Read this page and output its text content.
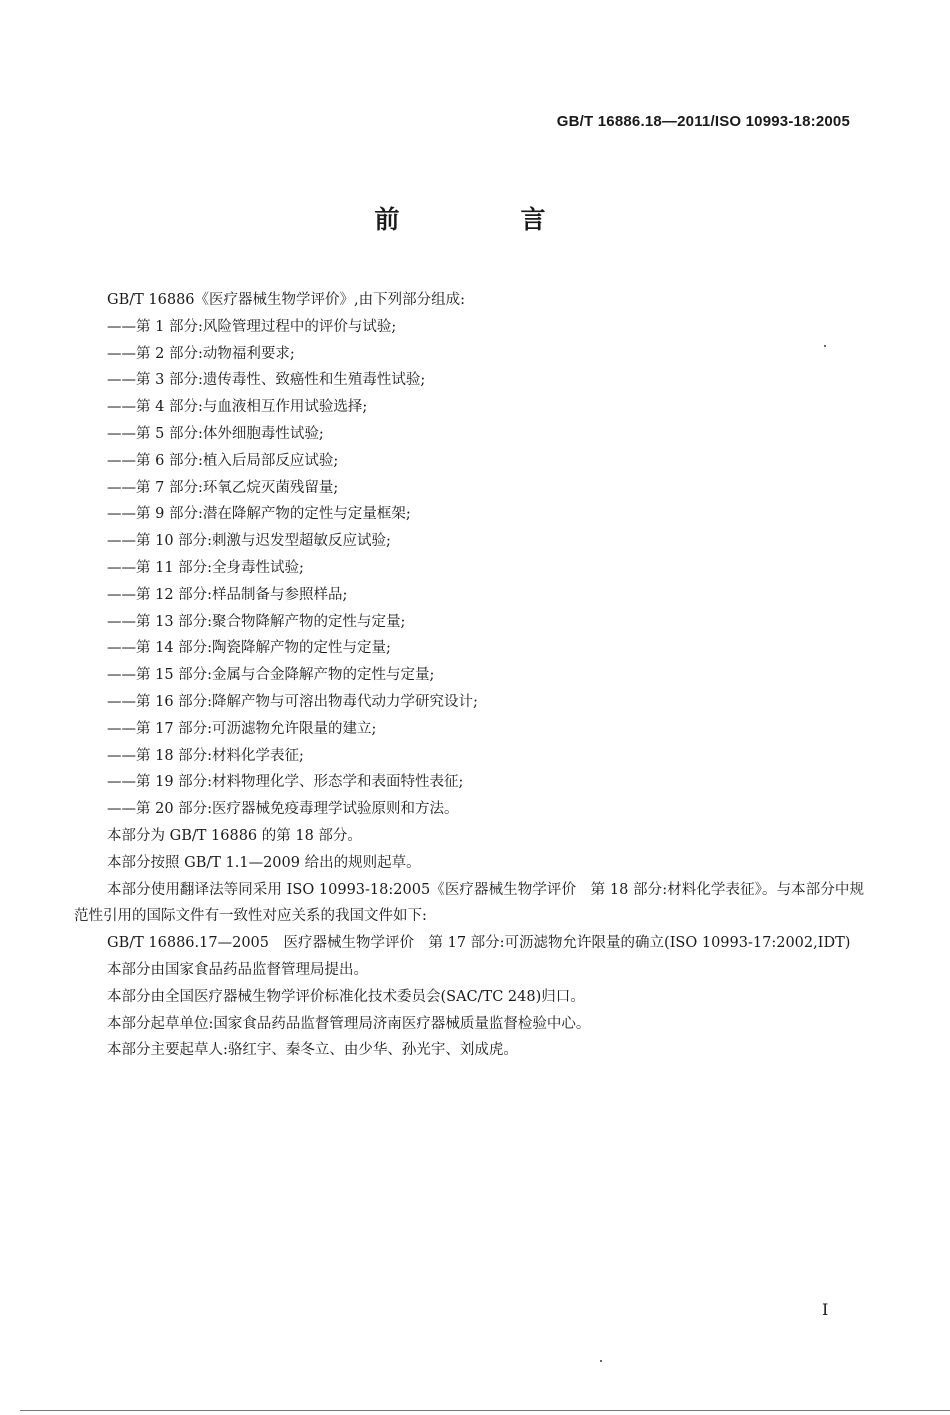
GB/T 16886.18—2011/ISO 10993-18:2005
前　言
GB/T 16886《医疗器械生物学评价》,由下列部分组成:
——第 1 部分:风险管理过程中的评价与试验;
——第 2 部分:动物福利要求;
——第 3 部分:遗传毒性、致癌性和生殖毒性试验;
——第 4 部分:与血液相互作用试验选择;
——第 5 部分:体外细胞毒性试验;
——第 6 部分:植入后局部反应试验;
——第 7 部分:环氧乙烷灭菌残留量;
——第 9 部分:潜在降解产物的定性与定量框架;
——第 10 部分:刺激与迟发型超敏反应试验;
——第 11 部分:全身毒性试验;
——第 12 部分:样品制备与参照样品;
——第 13 部分:聚合物降解产物的定性与定量;
——第 14 部分:陶瓷降解产物的定性与定量;
——第 15 部分:金属与合金降解产物的定性与定量;
——第 16 部分:降解产物与可溶出物毒代动力学研究设计;
——第 17 部分:可沥滤物允许限量的建立;
——第 18 部分:材料化学表征;
——第 19 部分:材料物理化学、形态学和表面特性表征;
——第 20 部分:医疗器械免疫毒理学试验原则和方法。
本部分为 GB/T 16886 的第 18 部分。
本部分按照 GB/T 1.1—2009 给出的规则起草。
本部分使用翻译法等同采用 ISO 10993-18:2005《医疗器械生物学评价　第 18 部分:材料化学表征》。与本部分中规范性引用的国际文件有一致性对应关系的我国文件如下:
GB/T 16886.17—2005　医疗器械生物学评价　第 17 部分:可沥滤物允许限量的确立(ISO 10993-17:2002,IDT)
本部分由国家食品药品监督管理局提出。
本部分由全国医疗器械生物学评价标准化技术委员会(SAC/TC 248)归口。
本部分起草单位:国家食品药品监督管理局济南医疗器械质量监督检验中心。
本部分主要起草人:骆红宇、秦冬立、由少华、孙光宇、刘成虎。
I
